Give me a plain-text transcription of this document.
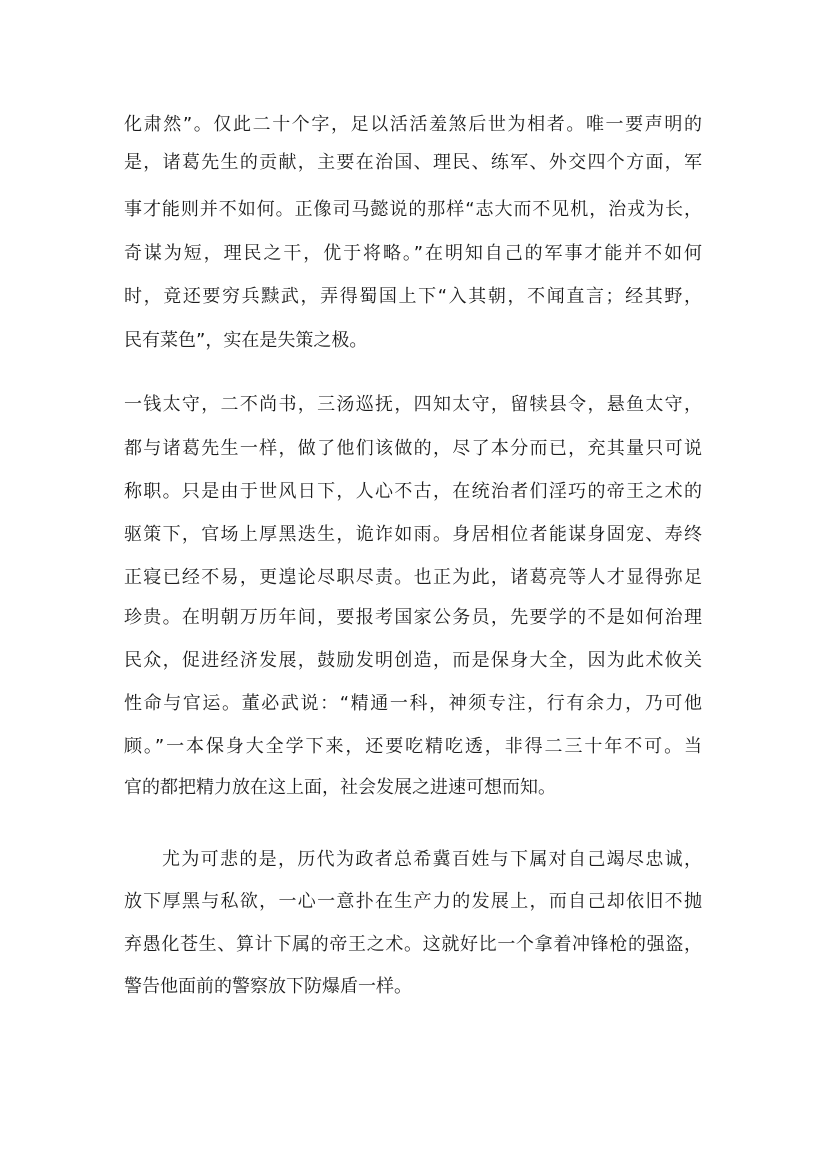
化肃然”。仅此二十个字，足以活活羞煞后世为相者。唯一要声明的
是，诸葛先生的贡献，主要在治国、理民、练军、外交四个方面，军
事才能则并不如何。正像司马懿说的那样“志大而不见机，治戎为长，
奇谋为短，理民之干，优于将略。”在明知自己的军事才能并不如何
时，竟还要穷兵黩武，弄得蜀国上下“入其朝，不闻直言；经其野，
民有菜色”，实在是失策之极。
一钱太守，二不尚书，三汤巡抚，四知太守，留犊县令，悬鱼太守，
都与诸葛先生一样，做了他们该做的，尽了本分而已，充其量只可说
称职。只是由于世风日下，人心不古，在统治者们淫巧的帝王之术的
驱策下，官场上厚黑迭生，诡诈如雨。身居相位者能谋身固宠、寿终
正寝已经不易，更遑论尽职尽责。也正为此，诸葛亮等人才显得弥足
珍贵。在明朝万历年间，要报考国家公务员，先要学的不是如何治理
民众，促进经济发展，鼓励发明创造，而是保身大全，因为此术攸关
性命与官运。董必武说：“精通一科，神须专注，行有余力，乃可他
顾。”一本保身大全学下来，还要吃精吃透，非得二三十年不可。当
官的都把精力放在这上面，社会发展之进速可想而知。
尤为可悲的是，历代为政者总希冀百姓与下属对自己竭尽忠诚，
放下厚黑与私欲，一心一意扑在生产力的发展上，而自己却依旧不抛
弃愚化苍生、算计下属的帝王之术。这就好比一个拿着冲锋枪的强盗，
警告他面前的警察放下防爆盾一样。
